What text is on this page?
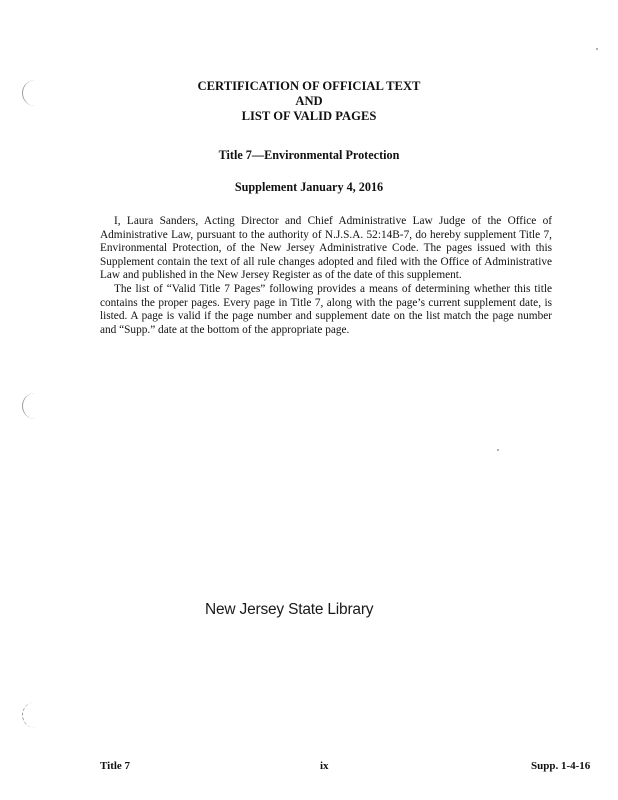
CERTIFICATION OF OFFICIAL TEXT
AND
LIST OF VALID PAGES
Title 7—Environmental Protection
Supplement January 4, 2016

I, Laura Sanders, Acting Director and Chief Administrative Law Judge of the Office of Administrative Law, pursuant to the authority of N.J.S.A. 52:14B-7, do hereby supplement Title 7, Environmental Protection, of the New Jersey Administrative Code. The pages issued with this Supplement contain the text of all rule changes adopted and filed with the Office of Administrative Law and published in the New Jersey Register as of the date of this supplement.

The list of “Valid Title 7 Pages” following provides a means of determining whether this title contains the proper pages. Every page in Title 7, along with the page’s current supplement date, is listed. A page is valid if the page number and supplement date on the list match the page number and “Supp.” date at the bottom of the appropriate page.

New Jersey State Library
Title 7	ix	Supp. 1-4-16
